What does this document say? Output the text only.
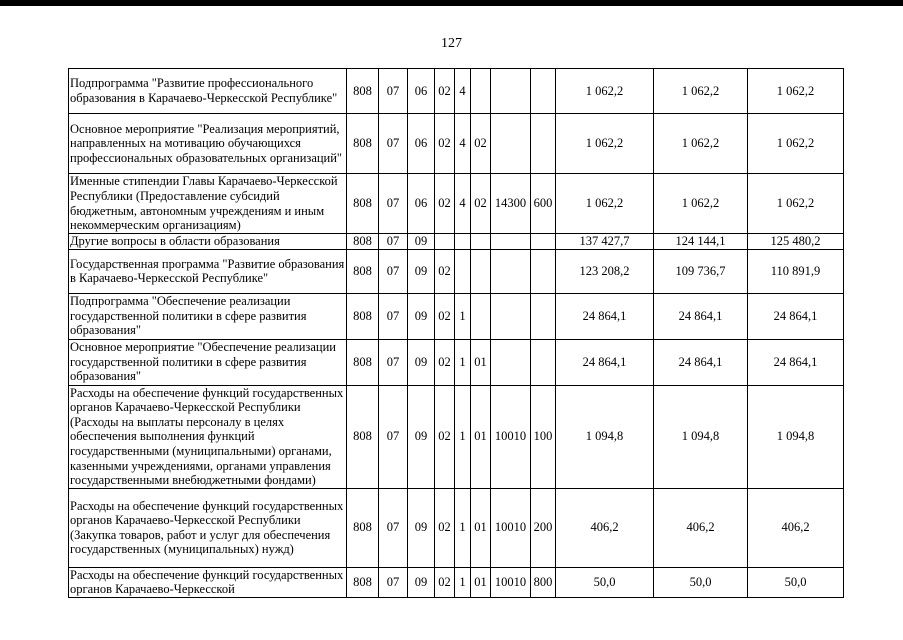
127
Подпрограмма "Развитие профессионального образования в Карачаево-Черкесской Республике"	808	07	06	02	4				1 062,2	1 062,2	1 062,2
Основное мероприятие "Реализация мероприятий, направленных на мотивацию обучающихся профессиональных образовательных организаций"	808	07	06	02	4	02			1 062,2	1 062,2	1 062,2
Именные стипендии Главы Карачаево-Черкесской Республики (Предоставление субсидий бюджетным, автономным учреждениям и иным некоммерческим организациям)	808	07	06	02	4	02	14300	600	1 062,2	1 062,2	1 062,2
Другие вопросы в области образования	808	07	09						137 427,7	124 144,1	125 480,2
Государственная программа "Развитие образования в Карачаево-Черкесской Республике"	808	07	09	02					123 208,2	109 736,7	110 891,9
Подпрограмма "Обеспечение реализации государственной политики в сфере развития образования"	808	07	09	02	1				24 864,1	24 864,1	24 864,1
Основное мероприятие "Обеспечение реализации государственной политики в сфере развития образования"	808	07	09	02	1	01			24 864,1	24 864,1	24 864,1
Расходы на обеспечение функций государственных органов Карачаево-Черкесской Республики (Расходы на выплаты персоналу в целях обеспечения выполнения функций государственными (муниципальными) органами, казенными учреждениями, органами управления государственными внебюджетными фондами)	808	07	09	02	1	01	10010	100	1 094,8	1 094,8	1 094,8
Расходы на обеспечение функций государственных органов Карачаево-Черкесской Республики (Закупка товаров, работ и услуг для обеспечения государственных (муниципальных) нужд)	808	07	09	02	1	01	10010	200	406,2	406,2	406,2
Расходы на обеспечение функций государственных органов Карачаево-Черкесской	808	07	09	02	1	01	10010	800	50,0	50,0	50,0
